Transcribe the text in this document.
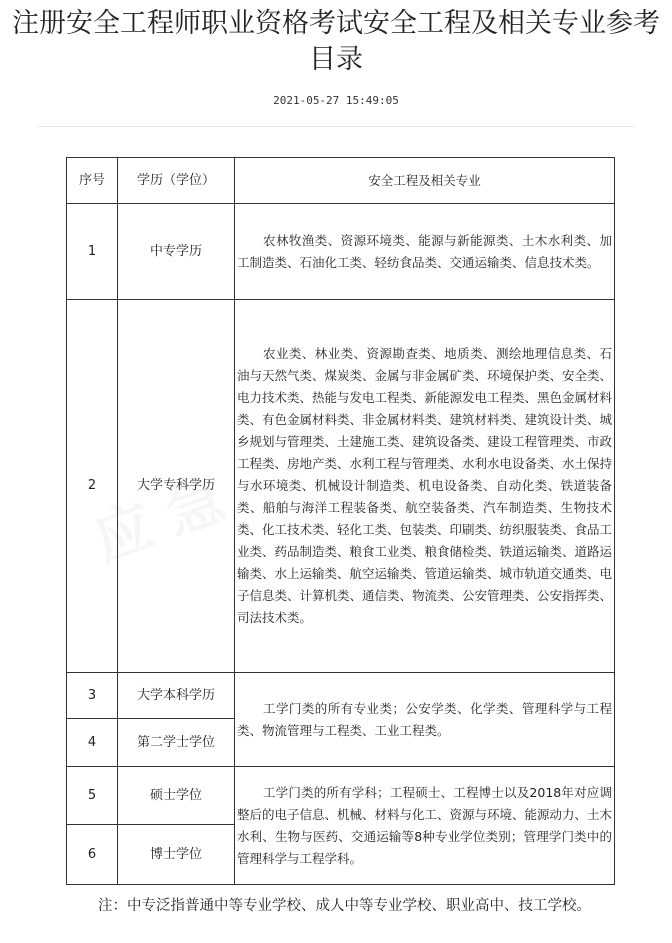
注册安全工程师职业资格考试安全工程及相关专业参考目录
2021-05-27 15:49:05
序号	学历（学位）	安全工程及相关专业
1	中专学历	农林牧渔类、资源环境类、能源与新能源类、土木水利类、加工制造类、石油化工类、轻纺食品类、交通运输类、信息技术类。
2	大学专科学历	农业类、林业类、资源勘查类、地质类、测绘地理信息类、石油与天然气类、煤炭类、金属与非金属矿类、环境保护类、安全类、电力技术类、热能与发电工程类、新能源发电工程类、黑色金属材料类、有色金属材料类、非金属材料类、建筑材料类、建筑设计类、城乡规划与管理类、土建施工类、建筑设备类、建设工程管理类、市政工程类、房地产类、水利工程与管理类、水利水电设备类、水土保持与水环境类、机械设计制造类、机电设备类、自动化类、铁道装备类、船舶与海洋工程装备类、航空装备类、汽车制造类、生物技术类、化工技术类、轻化工类、包装类、印刷类、纺织服装类、食品工业类、药品制造类、粮食工业类、粮食储检类、铁道运输类、道路运输类、水上运输类、航空运输类、管道运输类、城市轨道交通类、电子信息类、计算机类、通信类、物流类、公安管理类、公安指挥类、司法技术类。
3	大学本科学历	工学门类的所有专业类；公安学类、化学类、管理科学与工程类、物流管理与工程类、工业工程类。
4	第二学士学位	
5	硕士学位	工学门类的所有学科；工程硕士、工程博士以及2018年对应调整后的电子信息、机械、材料与化工、资源与环境、能源动力、土木水利、生物与医药、交通运输等8种专业学位类别；管理学门类中的管理科学与工程学科。
6	博士学位	

注：中专泛指普通中等专业学校、成人中等专业学校、职业高中、技工学校。
